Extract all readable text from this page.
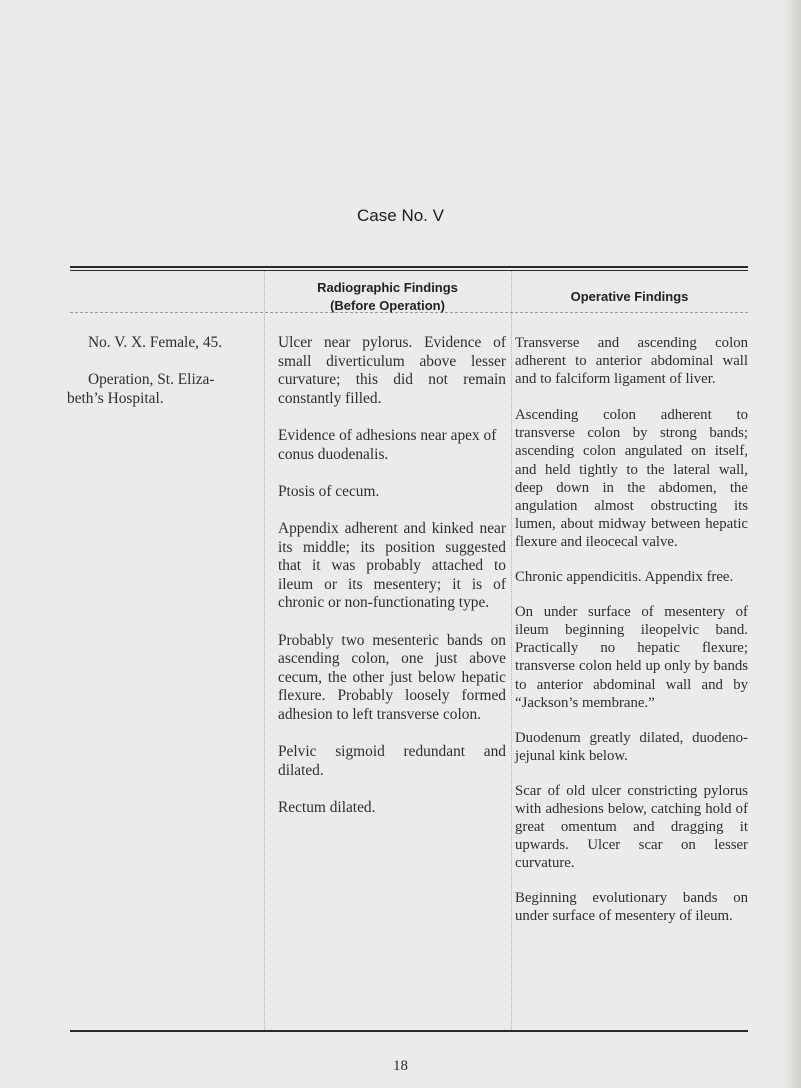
Case No. V
Radiographic Findings
(Before Operation)
Operative Findings
No. V. X. Female, 45.
Operation, St. Eliza-
beth’s Hospital.

Ulcer near pylorus. Evidence of small diverticulum above lesser curvature; this did not remain constantly filled.

Evidence of adhesions near apex of conus duodenalis.

Ptosis of cecum.

Appendix adherent and kinked near its middle; its position suggested that it was probably attached to ileum or its mesentery; it is of chronic or non-functionating type.

Probably two mesenteric bands on ascending colon, one just above cecum, the other just below hepatic flexure. Probably loosely formed adhesion to left transverse colon.

Pelvic sigmoid redundant and dilated.

Rectum dilated.

Transverse and ascending colon adherent to anterior abdominal wall and to falciform ligament of liver.

Ascending colon adherent to transverse colon by strong bands; ascending colon angulated on itself, and held tightly to the lateral wall, deep down in the abdomen, the angulation almost obstructing its lumen, about midway between hepatic flexure and ileocecal valve.

Chronic appendicitis. Appendix free.

On under surface of mesentery of ileum beginning ileopelvic band. Practically no hepatic flexure; transverse colon held up only by bands to anterior abdominal wall and by “Jackson’s membrane.”

Duodenum greatly dilated, duodeno-jejunal kink below.

Scar of old ulcer constricting pylorus with adhesions below, catching hold of great omentum and dragging it upwards. Ulcer scar on lesser curvature.

Beginning evolutionary bands on under surface of mesentery of ileum.

18
